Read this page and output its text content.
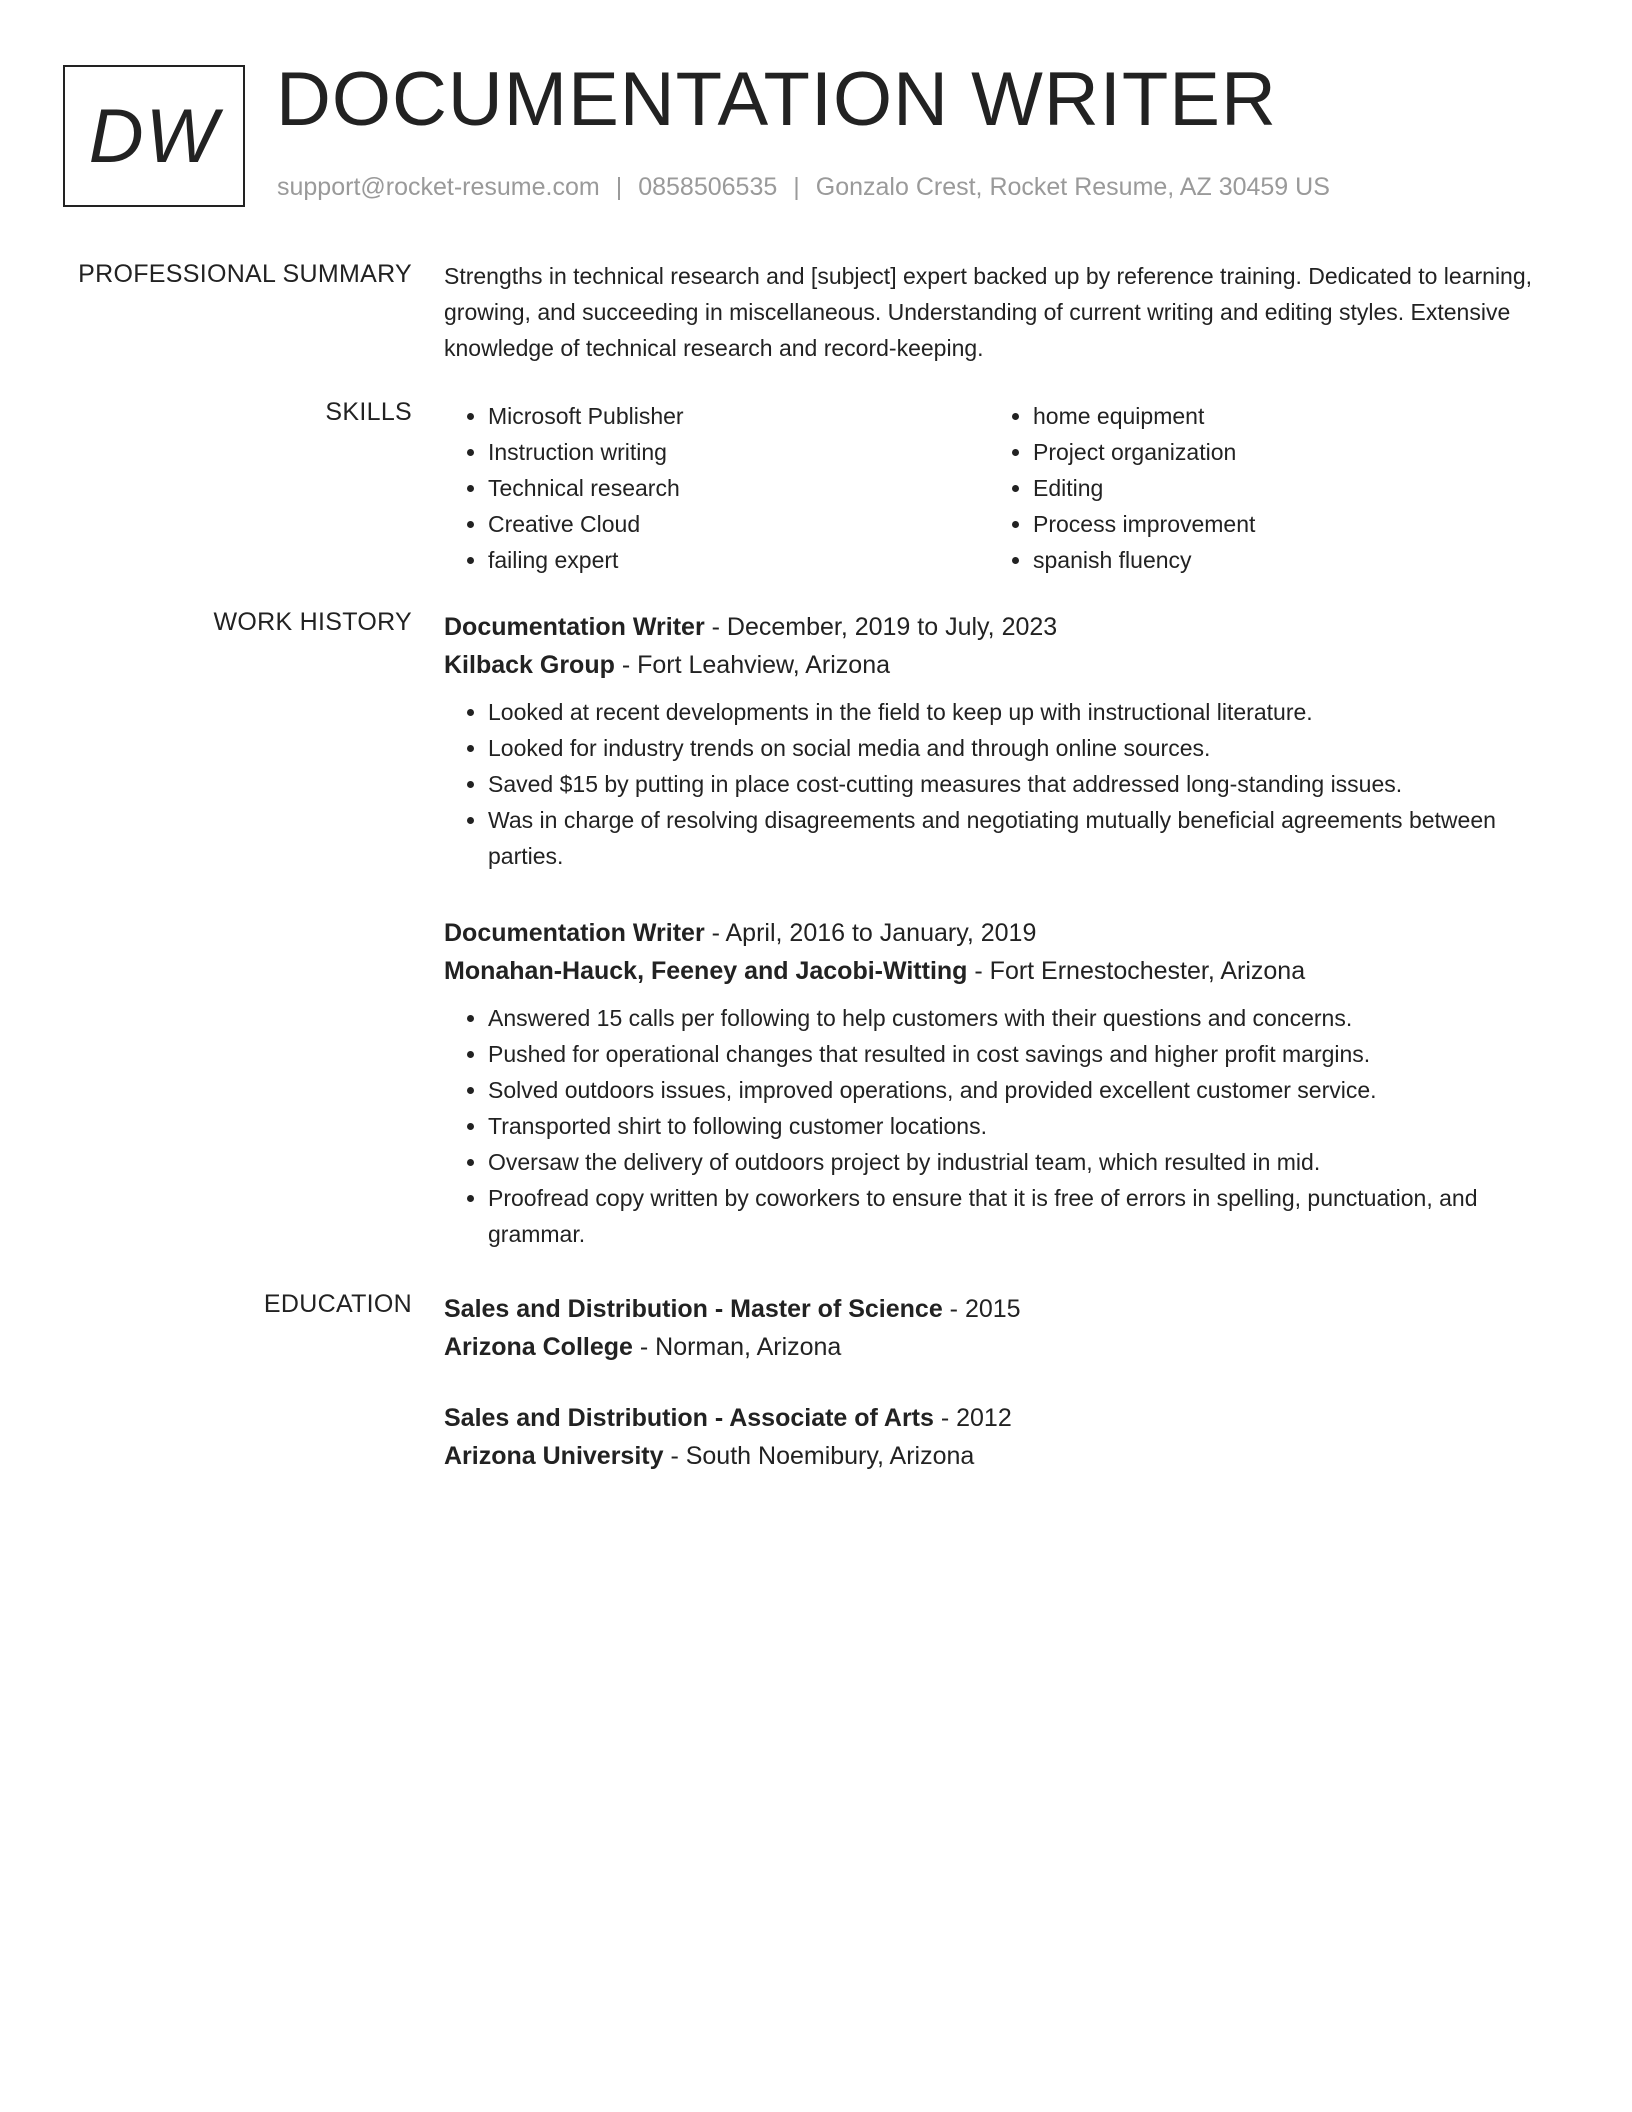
DW DOCUMENTATION WRITER
support@rocket-resume.com | 0858506535 | Gonzalo Crest, Rocket Resume, AZ 30459 US
PROFESSIONAL SUMMARY Strengths in technical research and [subject] expert backed up by reference training. Dedicated to learning, growing, and succeeding in miscellaneous. Understanding of current writing and editing styles. Extensive knowledge of technical research and record-keeping.

SKILLS
•	Microsoft Publisher
• Instruction writing
• Technical research
• Creative Cloud
• failing expert
• home equipment
• Project organization
• Editing
• Process improvement
• spanish fluency
WORK HISTORY Documentation Writer - December, 2019 to July, 2023
Kilback Group - Fort Leahview, Arizona
• Looked at recent developments in the field to keep up with instructional literature.
• Looked for industry trends on social media and through online sources.
• Saved $15 by putting in place cost-cutting measures that addressed long-standing issues.
• Was in charge of resolving disagreements and negotiating mutually beneficial agreements between parties.
Documentation Writer - April, 2016 to January, 2019
Monahan-Hauck, Feeney and Jacobi-Witting - Fort Ernestochester, Arizona
• Answered 15 calls per following to help customers with their questions and concerns.
• Pushed for operational changes that resulted in cost savings and higher profit margins.
• Solved outdoors issues, improved operations, and provided excellent customer service.
• Transported shirt to following customer locations.
• Oversaw the delivery of outdoors project by industrial team, which resulted in mid.
• Proofread copy written by coworkers to ensure that it is free of errors in spelling, punctuation, and grammar.
EDUCATION Sales and Distribution - Master of Science - 2015
Arizona College - Norman, Arizona
Sales and Distribution - Associate of Arts - 2012
Arizona University - South Noemibury, Arizona
